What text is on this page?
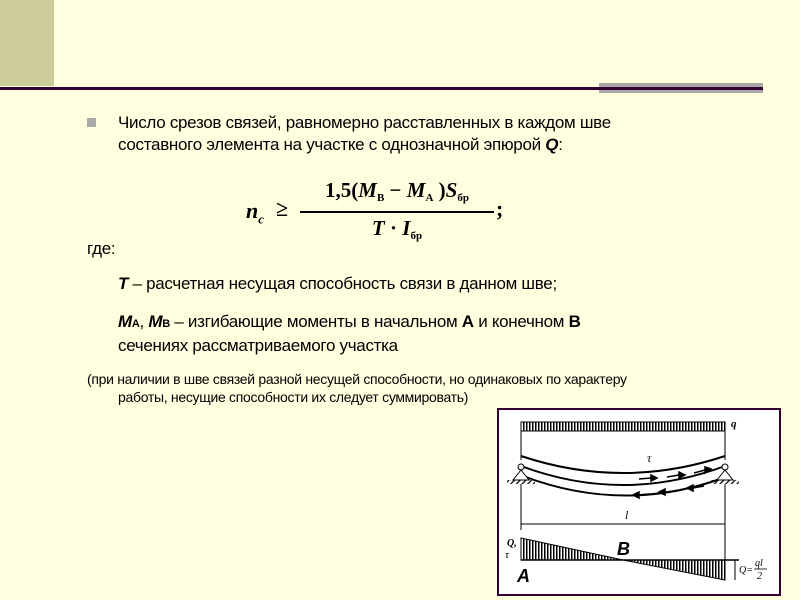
Число срезов связей, равномерно расставленных в каждом шве
составного элемента на участке с однозначной эпюрой Q:
$n_c$ ≥
$1,5(M_B - M_A$ )$S_{бр}$
$T \cdot I_{бр}$
;
где:
T – расчетная несущая способность связи в данном шве;
MA, MB – изгибающие моменты в начальном А и конечном В
сечениях рассматриваемого участка
(при наличии в шве связей разной несущей способности, но одинаковых по характеру
работы, несущие способности их следует суммировать)
q
τ
l
Q,
τ	B
A	Q=
ql
2
